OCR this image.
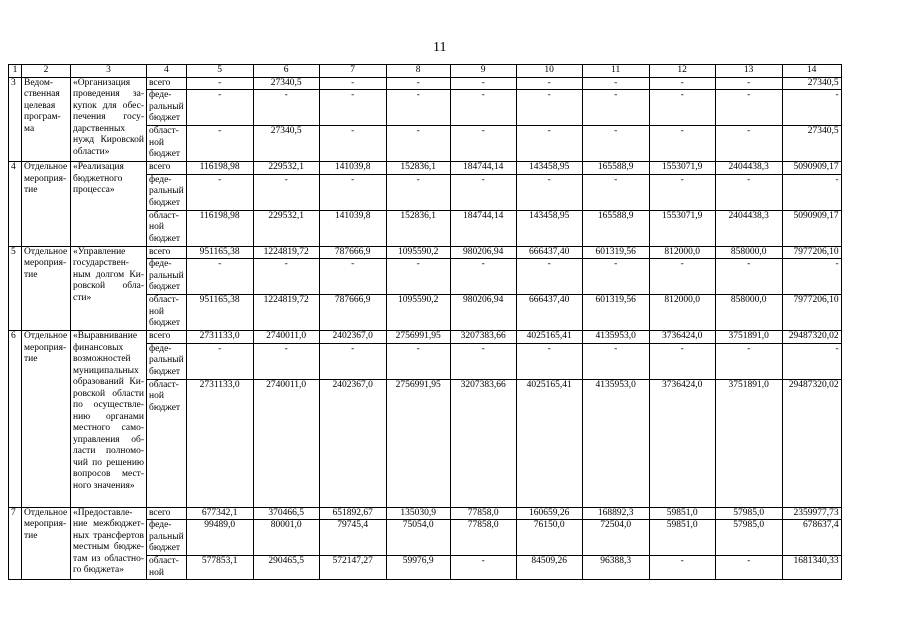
11
1	2	3	4	5	6	7	8	9	10	11	12	13	14
3	Ведом-ственная целевая програм-ма	«Организация проведения за-купок для обес-печения госу-дарственных нужд Кировской области»	всего	-	27340,5	-	-	-	-	-	-	-	27340,5
			феде-ральный бюджет	-	-	-	-	-	-	-	-	-	-
			област-ной бюджет	-	27340,5	-	-	-	-	-	-	-	27340,5
4	Отдельное мероприя-тие	«Реализация бюджетного процесса»	всего	116198,98	229532,1	141039,8	152836,1	184744,14	143458,95	165588,9	1553071,9	2404438,3	5090909,17
			феде-ральный бюджет	-	-	-	-	-	-	-	-	-	-
			област-ной бюджет	116198,98	229532,1	141039,8	152836,1	184744,14	143458,95	165588,9	1553071,9	2404438,3	5090909,17
5	Отдельное мероприя-тие	«Управление государствен-ным долгом Ки-ровской обла-сти»	всего	951165,38	1224819,72	787666,9	1095590,2	980206,94	666437,40	601319,56	812000,0	858000,0	7977206,10
			феде-ральный бюджет	-	-	-	-	-	-	-	-	-	-
			област-ной бюджет	951165,38	1224819,72	787666,9	1095590,2	980206,94	666437,40	601319,56	812000,0	858000,0	7977206,10
6	Отдельное мероприя-тие	«Выравнивание финансовых возможностей муниципальных образований Ки-ровской области по осуществле-нию органами местного само-управления об-ласти полномо-чий по решению вопросов мест-ного значения»	всего	2731133,0	2740011,0	2402367,0	2756991,95	3207383,66	4025165,41	4135953,0	3736424,0	3751891,0	29487320,02
			феде-ральный бюджет	-	-	-	-	-	-	-	-	-	-
			област-ной бюджет	2731133,0	2740011,0	2402367,0	2756991,95	3207383,66	4025165,41	4135953,0	3736424,0	3751891,0	29487320,02
7	Отдельное мероприя-тие	«Предоставле-ние межбюджет-ных трансфертов местным бюдже-там из областно-го бюджета»	всего	677342,1	370466,5	651892,67	135030,9	77858,0	160659,26	168892,3	59851,0	57985,0	2359977,73
			феде-ральный бюджет	99489,0	80001,0	79745,4	75054,0	77858,0	76150,0	72504,0	59851,0	57985,0	678637,4
			област-ной	577853,1	290465,5	572147,27	59976,9	-	84509,26	96388,3	-	-	1681340,33
